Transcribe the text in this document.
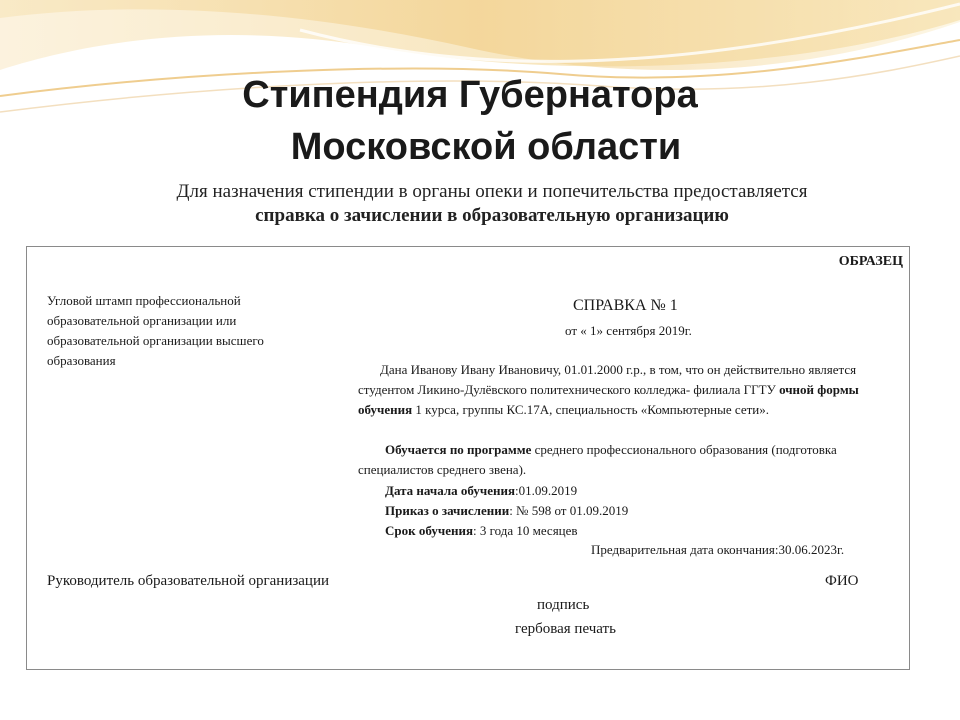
Стипендия Губернатора
Московской области
Для назначения стипендии в органы опеки и попечительства предоставляется
справка о зачислении в образовательную организацию
ОБРАЗЕЦ
Угловой штамп профессиональной образовательной организации или образовательной организации высшего образования
СПРАВКА № 1
от « 1» сентября 2019г.
Дана Иванову Ивану Ивановичу, 01.01.2000 г.р., в том, что он действительно является студентом Ликино-Дулёвского политехнического колледжа- филиала ГГТУ очной формы обучения 1 курса, группы КС.17А, специальность «Компьютерные сети».
Обучается по программе среднего профессионального образования (подготовка специалистов среднего звена).
Дата начала обучения:01.09.2019
Приказ о зачислении: № 598 от 01.09.2019
Срок обучения: 3 года 10 месяцев
Предварительная дата окончания:30.06.2023г.
Руководитель образовательной организации	ФИО
подпись
гербовая печать
